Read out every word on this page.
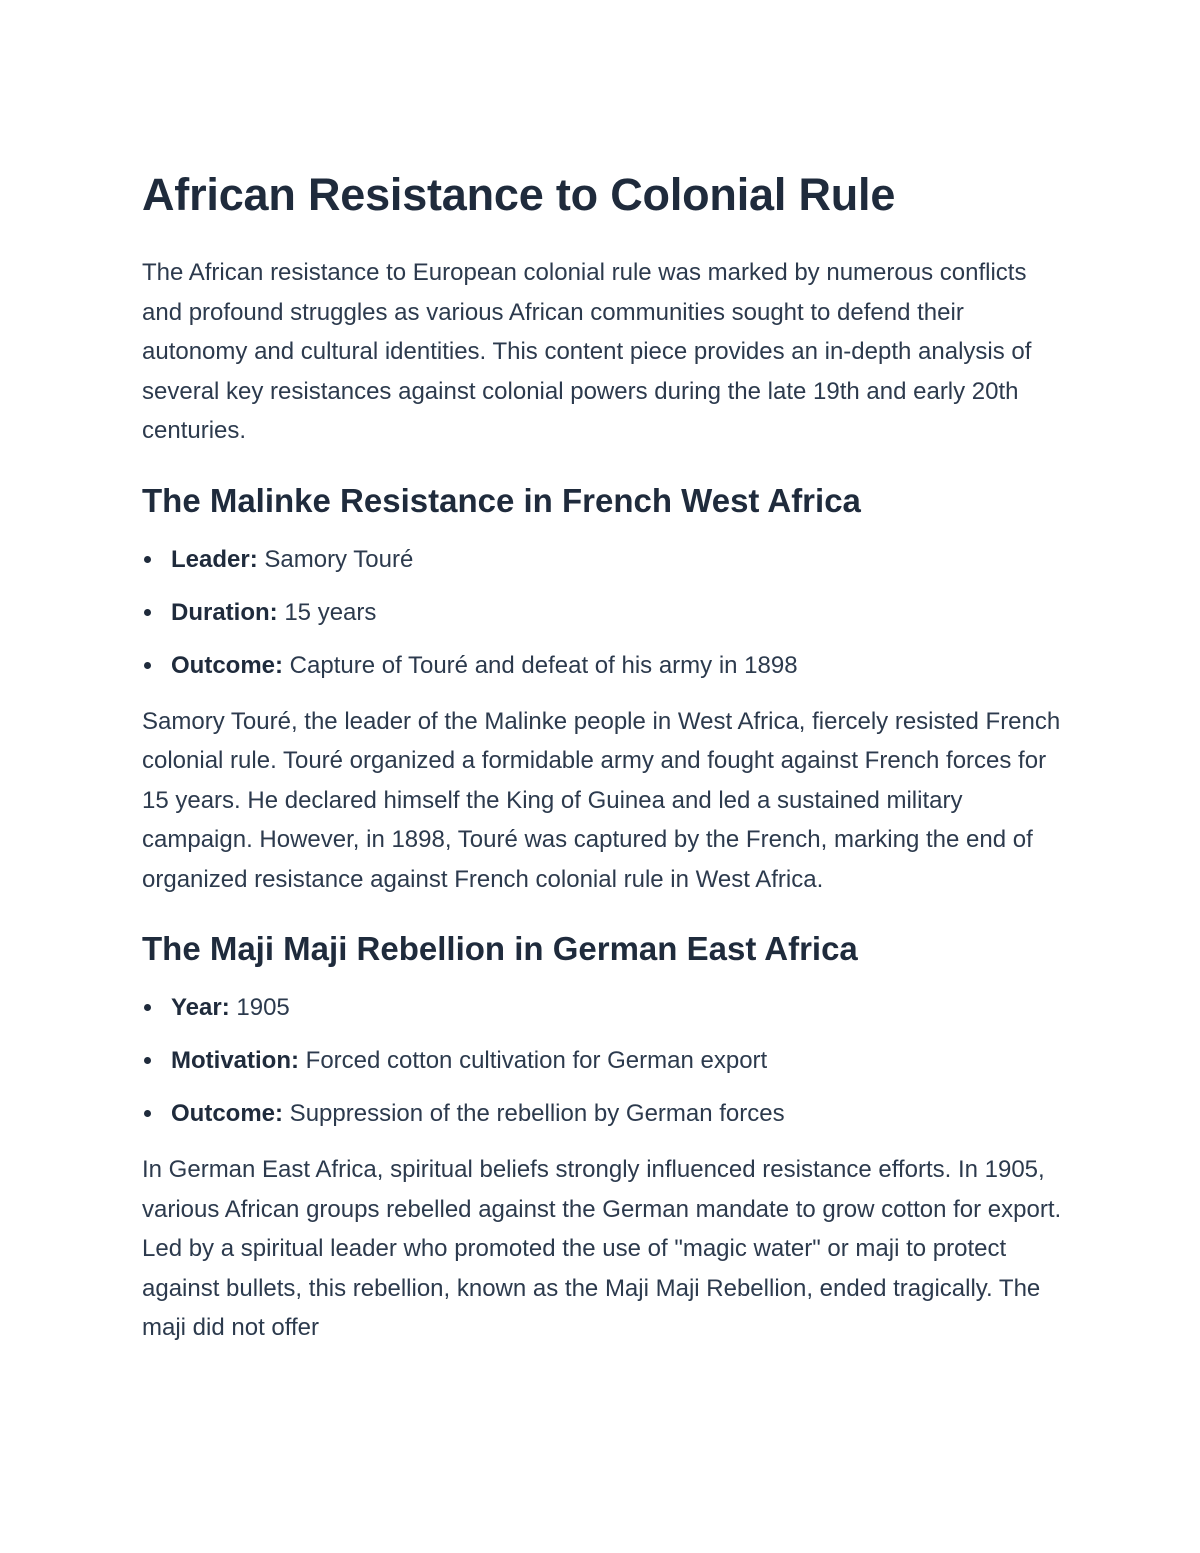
African Resistance to Colonial Rule

The African resistance to European colonial rule was marked by numerous conflicts and profound struggles as various African communities sought to defend their autonomy and cultural identities. This content piece provides an in-depth analysis of several key resistances against colonial powers during the late 19th and early 20th centuries.

The Malinke Resistance in French West Africa
Leader: Samory Touré
Duration: 15 years
Outcome: Capture of Touré and defeat of his army in 1898

Samory Touré, the leader of the Malinke people in West Africa, fiercely resisted French colonial rule. Touré organized a formidable army and fought against French forces for 15 years. He declared himself the King of Guinea and led a sustained military campaign. However, in 1898, Touré was captured by the French, marking the end of organized resistance against French colonial rule in West Africa.

The Maji Maji Rebellion in German East Africa
Year: 1905
Motivation: Forced cotton cultivation for German export
Outcome: Suppression of the rebellion by German forces

In German East Africa, spiritual beliefs strongly influenced resistance efforts. In 1905, various African groups rebelled against the German mandate to grow cotton for export. Led by a spiritual leader who promoted the use of "magic water" or maji to protect against bullets, this rebellion, known as the Maji Maji Rebellion, ended tragically. The maji did not offer
